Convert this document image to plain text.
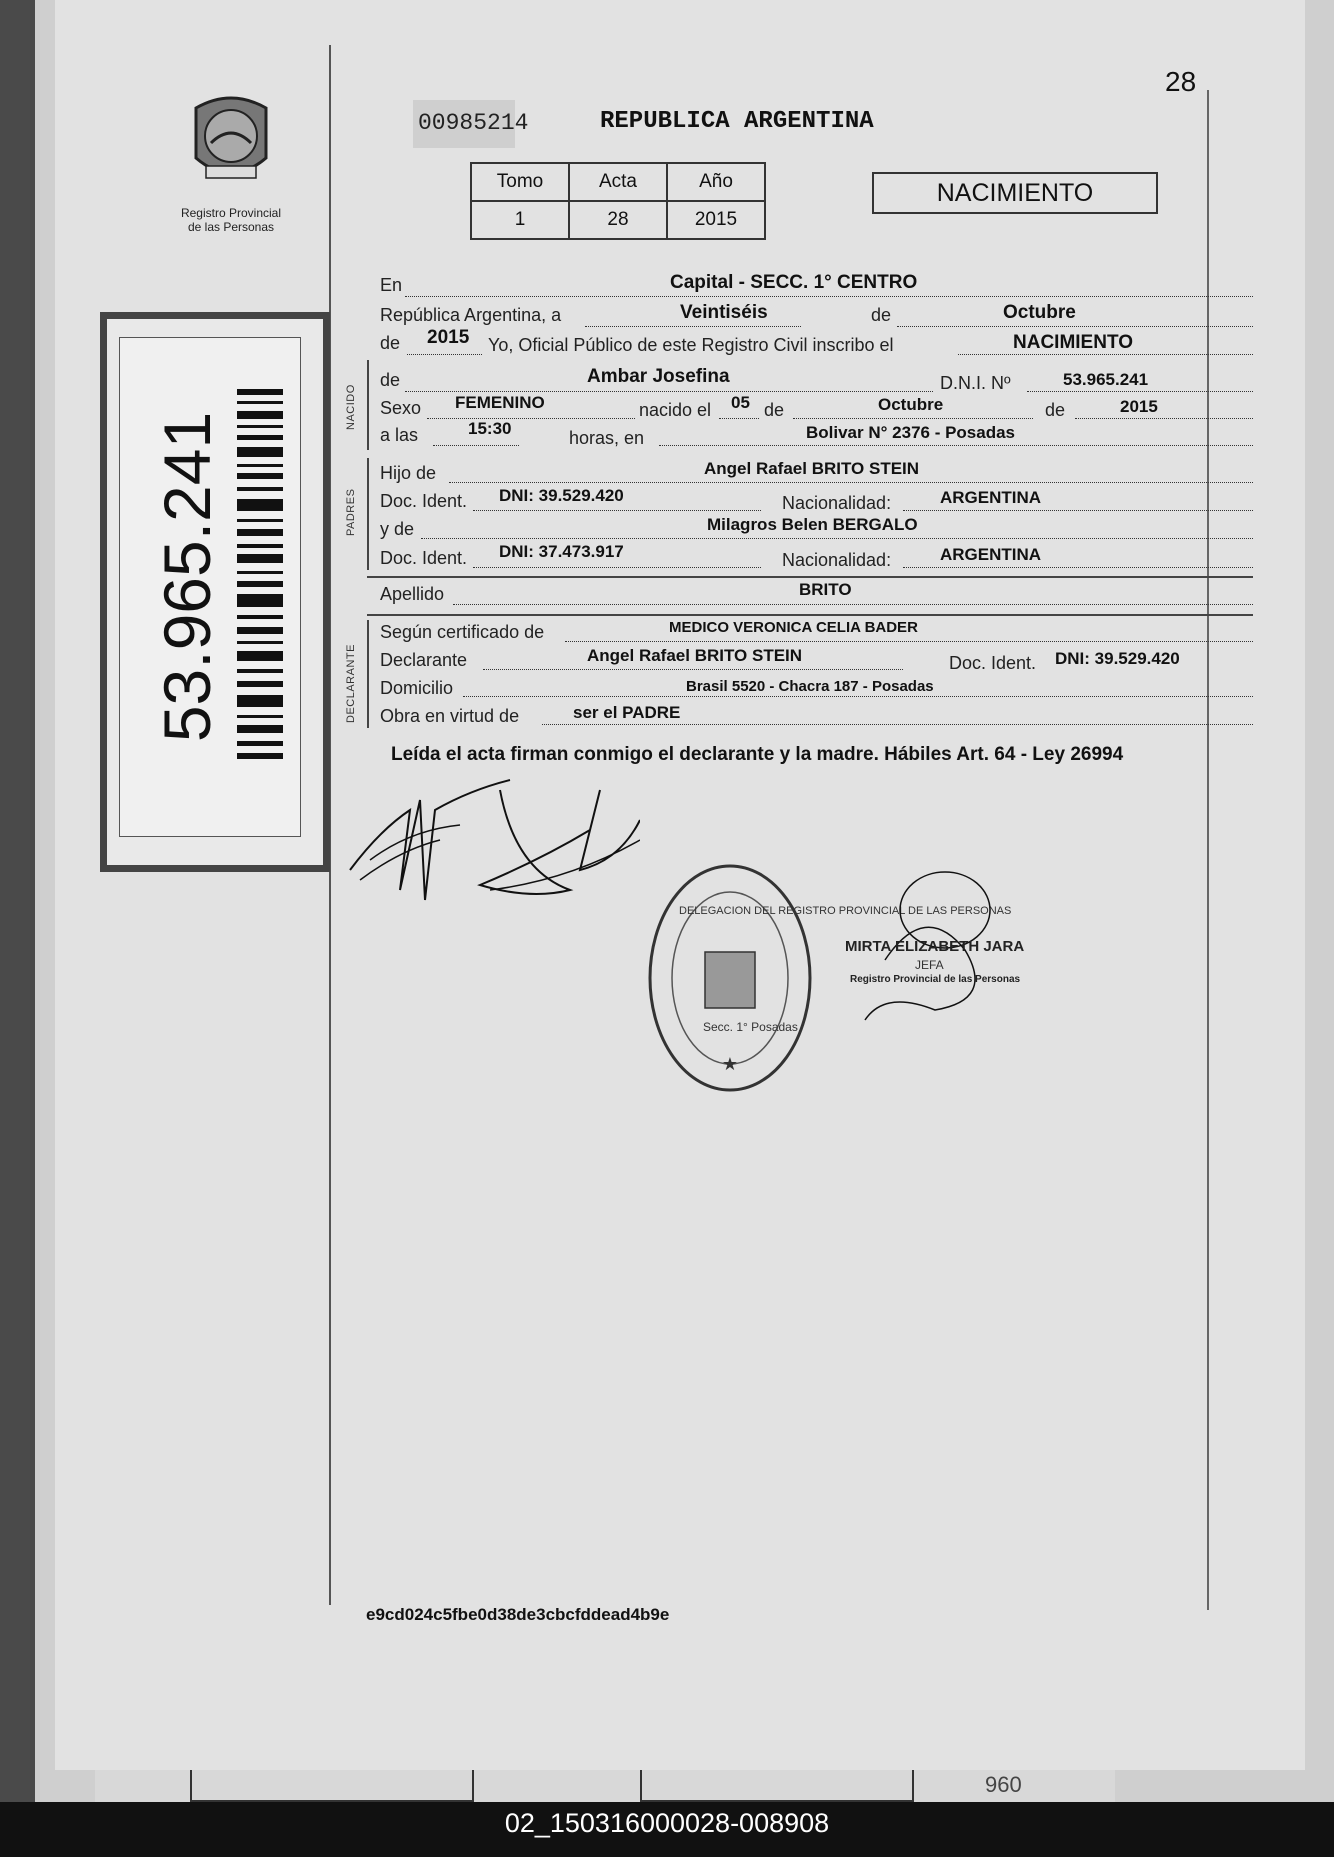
960
28
Registro Provincial
de las Personas
53.965.241
00985214	REPUBLICA ARGENTINA
NACIMIENTO
Tomo	Acta	Año
1	28	2015
NACIDO
PADRES
DECLARANTE
En	Capital - SECC. 1° CENTRO
República Argentina, a	Veintiséis	de	Octubre
de 2015 Yo, Oficial Público de este Registro Civil inscribo el	NACIMIENTO
de	Ambar Josefina	D.N.I. Nº	53.965.241
Sexo FEMENINO	nacido el 05 de	Octubre	de	2015
a las	15:30	horas, en	Bolivar N° 2376 - Posadas
Hijo de	Angel Rafael BRITO STEIN
Doc. Ident. DNI: 39.529.420	Nacionalidad:	ARGENTINA
y de	Milagros Belen BERGALO
Doc. Ident. DNI: 37.473.917	Nacionalidad:	ARGENTINA
Apellido	BRITO
Según certificado de	MEDICO VERONICA CELIA BADER
Declarante	Angel Rafael BRITO STEIN	Doc. Ident. DNI: 39.529.420
Domicilio	Brasil 5520 - Chacra 187 - Posadas
Obra en virtud de	ser el PADRE
Leída el acta firman conmigo el declarante y la madre. Hábiles Art. 64 - Ley 26994
★
DELEGACION DEL REGISTRO PROVINCIAL DE LAS PERSONAS
Secc. 1° Posadas
MIRTA ELIZABETH JARA
JEFA
Registro Provincial de las Personas
e9cd024c5fbe0d38de3cbcfddead4b9e
02_150316000028-008908
